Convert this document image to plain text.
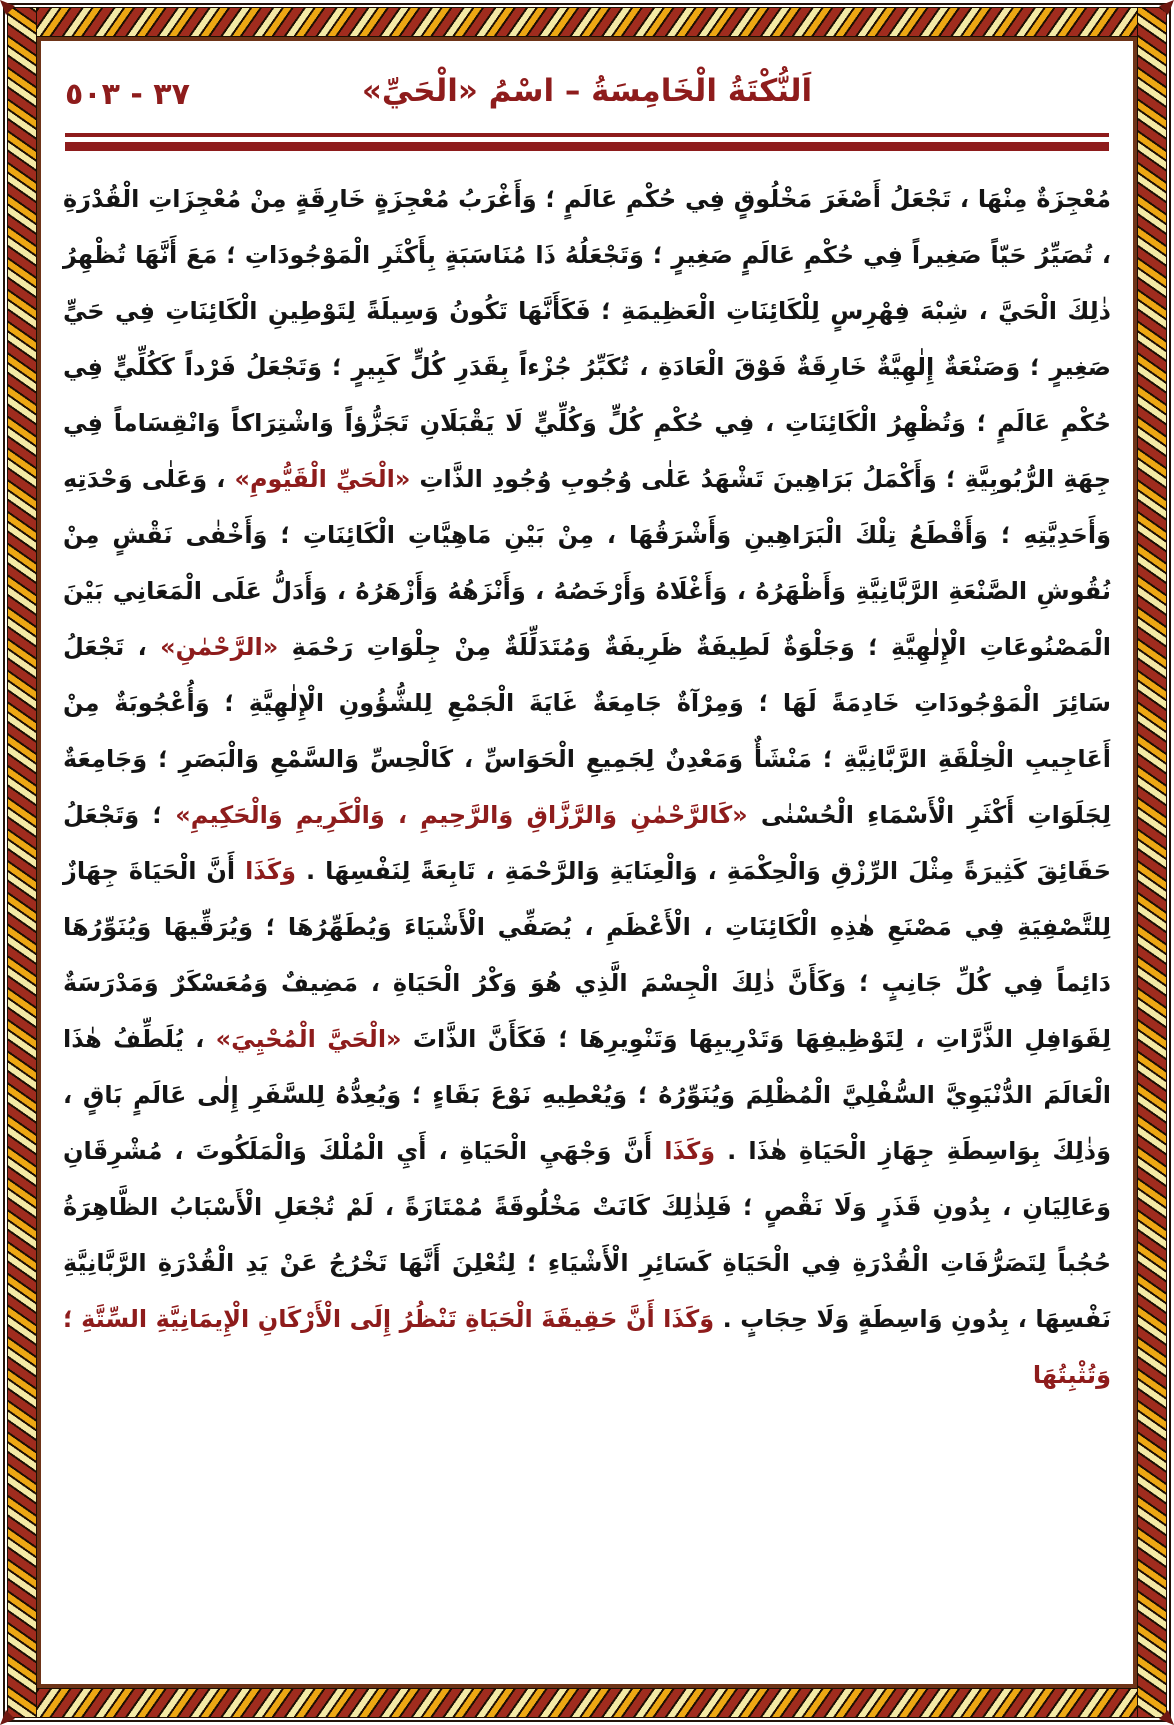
٣٧ - ٥٠٣	اَلنُّكْتَةُ الْخَامِسَةُ – اسْمُ «الْحَيِّ»

مُعْجِزَةٌ مِنْهَا ، تَجْعَلُ أَصْغَرَ مَخْلُوقٍ فِي حُكْمِ عَالَمٍ ؛ وَأَغْرَبُ مُعْجِزَةٍ خَارِقَةٍ مِنْ مُعْجِزَاتِ الْقُدْرَةِ ، تُصَيِّرُ حَيّاً صَغِيراً فِي حُكْمِ عَالَمٍ صَغِيرٍ ؛ وَتَجْعَلُهُ ذَا مُنَاسَبَةٍ بِأَكْثَرِ الْمَوْجُودَاتِ ؛ مَعَ أَنَّهَا تُظْهِرُ ذٰلِكَ الْحَيَّ ، شِبْهَ فِهْرِسٍ لِلْكَائِنَاتِ الْعَظِيمَةِ ؛ فَكَأَنَّهَا تَكُونُ وَسِيلَةً لِتَوْطِينِ الْكَائِنَاتِ فِي حَيٍّ صَغِيرٍ ؛ وَصَنْعَةٌ إِلٰهِيَّةٌ خَارِقَةٌ فَوْقَ الْعَادَةِ ، تُكَبِّرُ جُزْءاً بِقَدَرِ كُلٍّ كَبِيرٍ ؛ وَتَجْعَلُ فَرْداً كَكُلِّيٍّ فِي حُكْمِ عَالَمٍ ؛ وَتُظْهِرُ الْكَائِنَاتِ ، فِي حُكْمِ كُلٍّ وَكُلِّيٍّ لَا يَقْبَلَانِ تَجَزُّؤاً وَاشْتِرَاكاً وَانْقِسَاماً فِي جِهَةِ الرُّبُوبِيَّةِ ؛ وَأَكْمَلُ بَرَاهِينَ تَشْهَدُ عَلٰى وُجُوبِ وُجُودِ الذَّاتِ «الْحَيِّ الْقَيُّومِ» ، وَعَلٰى وَحْدَتِهِ وَأَحَدِيَّتِهِ ؛ وَأَقْطَعُ تِلْكَ الْبَرَاهِينِ وَأَشْرَقُهَا ، مِنْ بَيْنِ مَاهِيَّاتِ الْكَائِنَاتِ ؛ وَأَخْفٰى نَقْشٍ مِنْ نُقُوشِ الصَّنْعَةِ الرَّبَّانِيَّةِ وَأَظْهَرُهُ ، وَأَغْلَاهُ وَأَرْخَصُهُ ، وَأَنْزَهُهُ وَأَزْهَرُهُ ، وَأَدَلُّ عَلَى الْمَعَانِي بَيْنَ الْمَصْنُوعَاتِ الْإِلٰهِيَّةِ ؛ وَجَلْوَةٌ لَطِيفَةٌ ظَرِيفَةٌ وَمُتَدَلِّلَةٌ مِنْ جِلْوَاتِ رَحْمَةِ «الرَّحْمٰنِ» ، تَجْعَلُ سَائِرَ الْمَوْجُودَاتِ خَادِمَةً لَهَا ؛ وَمِرْآةٌ جَامِعَةٌ غَايَةَ الْجَمْعِ لِلشُّؤُونِ الْإِلٰهِيَّةِ ؛ وَأُعْجُوبَةٌ مِنْ أَعَاجِيبِ الْخِلْقَةِ الرَّبَّانِيَّةِ ؛ مَنْشَأٌ وَمَعْدِنٌ لِجَمِيعِ الْحَوَاسِّ ، كَالْحِسِّ وَالسَّمْعِ وَالْبَصَرِ ؛ وَجَامِعَةٌ لِجَلَوَاتِ أَكْثَرِ الْأَسْمَاءِ الْحُسْنٰى «كَالرَّحْمٰنِ وَالرَّزَّاقِ وَالرَّحِيمِ ، وَالْكَرِيمِ وَالْحَكِيمِ» ؛ وَتَجْعَلُ حَقَائِقَ كَثِيرَةً مِثْلَ الرِّزْقِ وَالْحِكْمَةِ ، وَالْعِنَايَةِ وَالرَّحْمَةِ ، تَابِعَةً لِنَفْسِهَا . وَكَذَا أَنَّ الْحَيَاةَ جِهَازٌ لِلتَّصْفِيَةِ فِي مَصْنَعِ هٰذِهِ الْكَائِنَاتِ ، الْأَعْظَمِ ، يُصَفِّي الْأَشْيَاءَ وَيُطَهِّرُهَا ؛ وَيُرَقِّيهَا وَيُنَوِّرُهَا دَائِماً فِي كُلِّ جَانِبٍ ؛ وَكَأَنَّ ذٰلِكَ الْجِسْمَ الَّذِي هُوَ وَكْرُ الْحَيَاةِ ، مَضِيفٌ وَمُعَسْكَرٌ وَمَدْرَسَةٌ لِقَوَافِلِ الذَّرَّاتِ ، لِتَوْظِيفِهَا وَتَدْرِيبِهَا وَتَنْوِيرِهَا ؛ فَكَأَنَّ الذَّاتَ «الْحَيَّ الْمُحْيِيَ» ، يُلَطِّفُ هٰذَا الْعَالَمَ الدُّنْيَوِيَّ السُّفْلِيَّ الْمُظْلِمَ وَيُنَوِّرُهُ ؛ وَيُعْطِيهِ نَوْعَ بَقَاءٍ ؛ وَيُعِدُّهُ لِلسَّفَرِ إِلٰى عَالَمٍ بَاقٍ ، وَذٰلِكَ بِوَاسِطَةِ جِهَازِ الْحَيَاةِ هٰذَا . وَكَذَا أَنَّ وَجْهَيِ الْحَيَاةِ ، أَيِ الْمُلْكَ وَالْمَلَكُوتَ ، مُشْرِقَانِ وَعَالِيَانِ ، بِدُونِ قَذَرٍ وَلَا نَقْصٍ ؛ فَلِذٰلِكَ كَانَتْ مَخْلُوقَةً مُمْتَازَةً ، لَمْ تُجْعَلِ الْأَسْبَابُ الظَّاهِرَةُ حُجُباً لِتَصَرُّفَاتِ الْقُدْرَةِ فِي الْحَيَاةِ كَسَائِرِ الْأَشْيَاءِ ؛ لِتُعْلِنَ أَنَّهَا تَخْرُجُ عَنْ يَدِ الْقُدْرَةِ الرَّبَّانِيَّةِ نَفْسِهَا ، بِدُونِ وَاسِطَةٍ وَلَا حِجَابٍ . وَكَذَا أَنَّ حَقِيقَةَ الْحَيَاةِ تَنْظُرُ إِلَى الْأَرْكَانِ الْإِيمَانِيَّةِ السِّتَّةِ ؛ وَتُثْبِتُهَا
